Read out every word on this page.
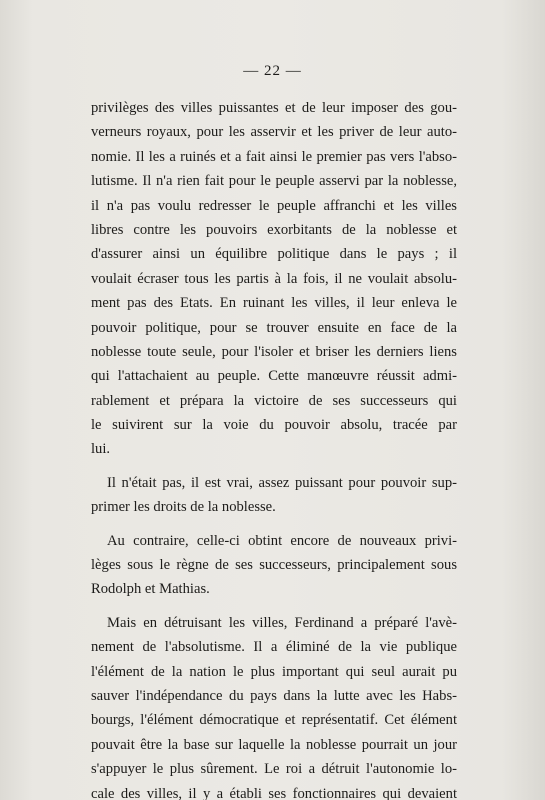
— 22 —
privilèges des villes puissantes et de leur imposer des gou-
verneurs royaux, pour les asservir et les priver de leur auto-
nomie. Il les a ruinés et a fait ainsi le premier pas vers l'abso-
lutisme. Il n'a rien fait pour le peuple asservi par la noblesse,
il n'a pas voulu redresser le peuple affranchi et les villes
libres contre les pouvoirs exorbitants de la noblesse et
d'assurer ainsi un équilibre politique dans le pays ; il
voulait écraser tous les partis à la fois, il ne voulait absolu-
ment pas des Etats. En ruinant les villes, il leur enleva le
pouvoir politique, pour se trouver ensuite en face de la
noblesse toute seule, pour l'isoler et briser les derniers liens
qui l'attachaient au peuple. Cette manœuvre réussit admi-
rablement et prépara la victoire de ses successeurs qui
le suivirent sur la voie du pouvoir absolu, tracée par
lui.
Il n'était pas, il est vrai, assez puissant pour pouvoir sup-
primer les droits de la noblesse.
Au contraire, celle-ci obtint encore de nouveaux privi-
lèges sous le règne de ses successeurs, principalement sous
Rodolph et Mathias.
Mais en détruisant les villes, Ferdinand a préparé l'avè-
nement de l'absolutisme. Il a éliminé de la vie publique
l'élément de la nation le plus important qui seul aurait pu
sauver l'indépendance du pays dans la lutte avec les Habs-
bourgs, l'élément démocratique et représentatif. Cet élément
pouvait être la base sur laquelle la noblesse pourrait un jour
s'appuyer le plus sûrement. Le roi a détruit l'autonomie lo-
cale des villes, il y a établi ses fonctionnaires qui devaient
